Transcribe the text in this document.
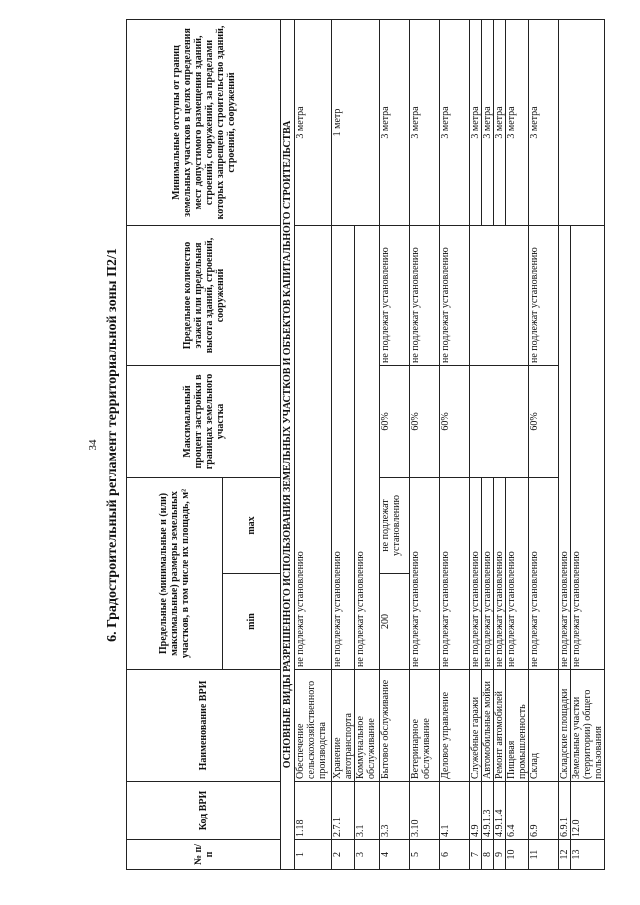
34 6. Градостроительный регламент территориальной зоны П2/1
№ п/п	Код ВРИ	Наименование ВРИ	Предельные (минимальные и (или) максимальные) размеры земельных участков, в том числе их площадь, м²		Максимальный процент застройки в границах земельного участка	Предельное количество этажей или предельная высота зданий, строений, сооружений	Минимальные отступы от границ земельных участков в целях определения мест допустимого размещения зданий, строений, сооружений, за пределами которых запрещено строительство зданий, строений, сооружений
			min	max			
ОСНОВНЫЕ ВИДЫ РАЗРЕШЕННОГО ИСПОЛЬЗОВАНИЯ ЗЕМЕЛЬНЫХ УЧАСТКОВ И ОБЪЕКТОВ КАПИТАЛЬНОГО СТРОИТЕЛЬСТВА							
1	1.18	Обеспечение сельскохозяйственного производства	не подлежат установлению				3 метра
2	2.7.1	Хранение автотранспорта	не подлежат установлению				1 метр
3	3.1	Коммунальное обслуживание	не подлежат установлению				
4	3.3	Бытовое обслуживание	200	не подлежат установлению	60%	не подлежат установлению	3 метра
5	3.10	Ветеринарное обслуживание	не подлежат установлению		60%	не подлежат установлению	3 метра
6	4.1	Деловое управление	не подлежат установлению		60%	не подлежат установлению	3 метра
7	4.9	Служебные гаражи	не подлежат установлению				3 метра
8	4.9.1.3	Автомобильные мойки	не подлежат установлению				3 метра
9	4.9.1.4	Ремонт автомобилей	не подлежат установлению				3 метра
10	6.4	Пищевая промышленность	не подлежат установлению				3 метра
11	6.9	Склад	не подлежат установлению		60%	не подлежат установлению	3 метра
12	6.9.1	Складские площадки	не подлежат установлению				
13	12.0	Земельные участки (территории) общего пользования	не подлежат установлению				
